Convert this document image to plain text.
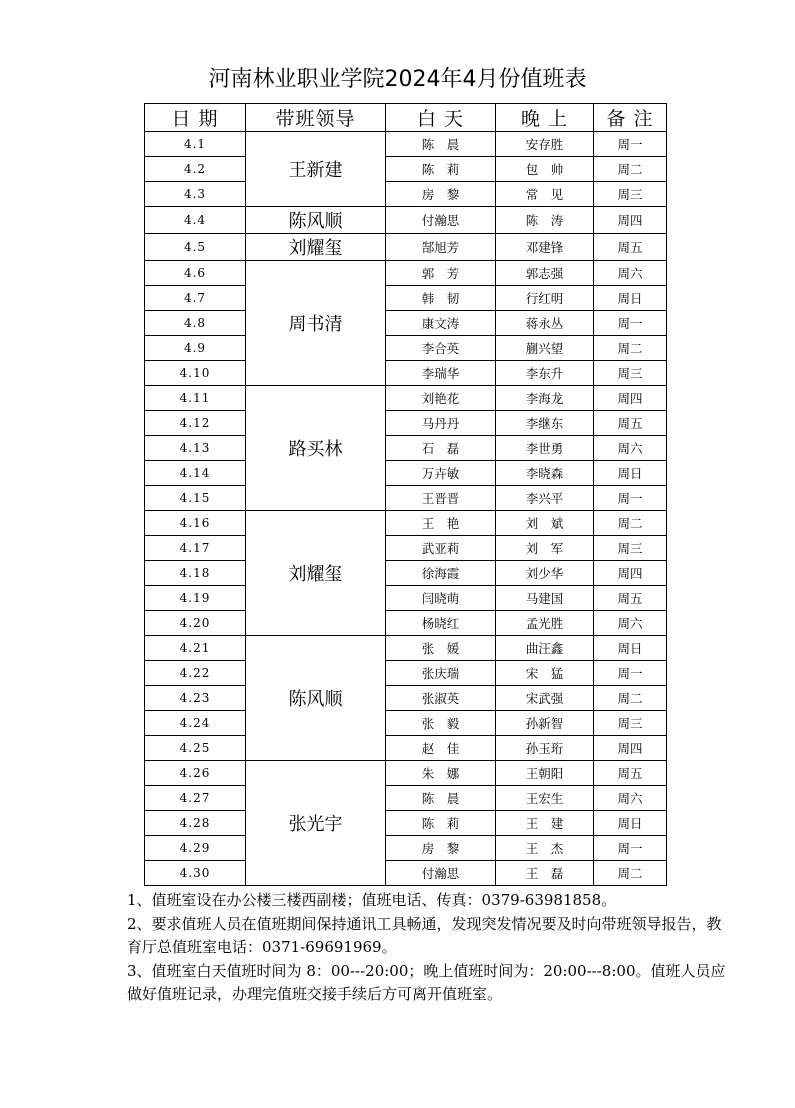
河南林业职业学院2024年4月份值班表
日 期	带班领导	白 天	晚 上	备 注
4.1	王新建	陈　晨	安存胜	周一
4.2		陈　莉	包　帅	周二
4.3		房　黎	常　见	周三
4.4	陈风顺	付瀚思	陈　涛	周四
4.5	刘耀玺	郜旭芳	邓建锋	周五
4.6	周书清	郭　芳	郭志强	周六
4.7		韩　韧	行红明	周日
4.8		康文涛	蒋永丛	周一
4.9		李合英	蒯兴望	周二
4.10		李瑞华	李东升	周三
4.11	路买林	刘艳花	李海龙	周四
4.12		马丹丹	李继东	周五
4.13		石　磊	李世勇	周六
4.14		万卉敏	李晓森	周日
4.15		王晋晋	李兴平	周一
4.16	刘耀玺	王　艳	刘　斌	周二
4.17		武亚莉	刘　军	周三
4.18		徐海霞	刘少华	周四
4.19		闫晓萌	马建国	周五
4.20		杨晓红	孟光胜	周六
4.21	陈风顺	张　媛	曲汪鑫	周日
4.22		张庆瑞	宋　猛	周一
4.23		张淑英	宋武强	周二
4.24		张　毅	孙新智	周三
4.25		赵　佳	孙玉珩	周四
4.26	张光宇	朱　娜	王朝阳	周五
4.27		陈　晨	王宏生	周六
4.28		陈　莉	王　建	周日
4.29		房　黎	王　杰	周一
4.30		付瀚思	王　磊	周二

1、值班室设在办公楼三楼西副楼；值班电话、传真：0379-63981858。

2、要求值班人员在值班期间保持通讯工具畅通，发现突发情况要及时向带班领导报告，教育厅总值班室电话：0371-69691969。

3、值班室白天值班时间为 8：00---20:00；晚上值班时间为：20:00---8:00。值班人员应做好值班记录，办理完值班交接手续后方可离开值班室。
